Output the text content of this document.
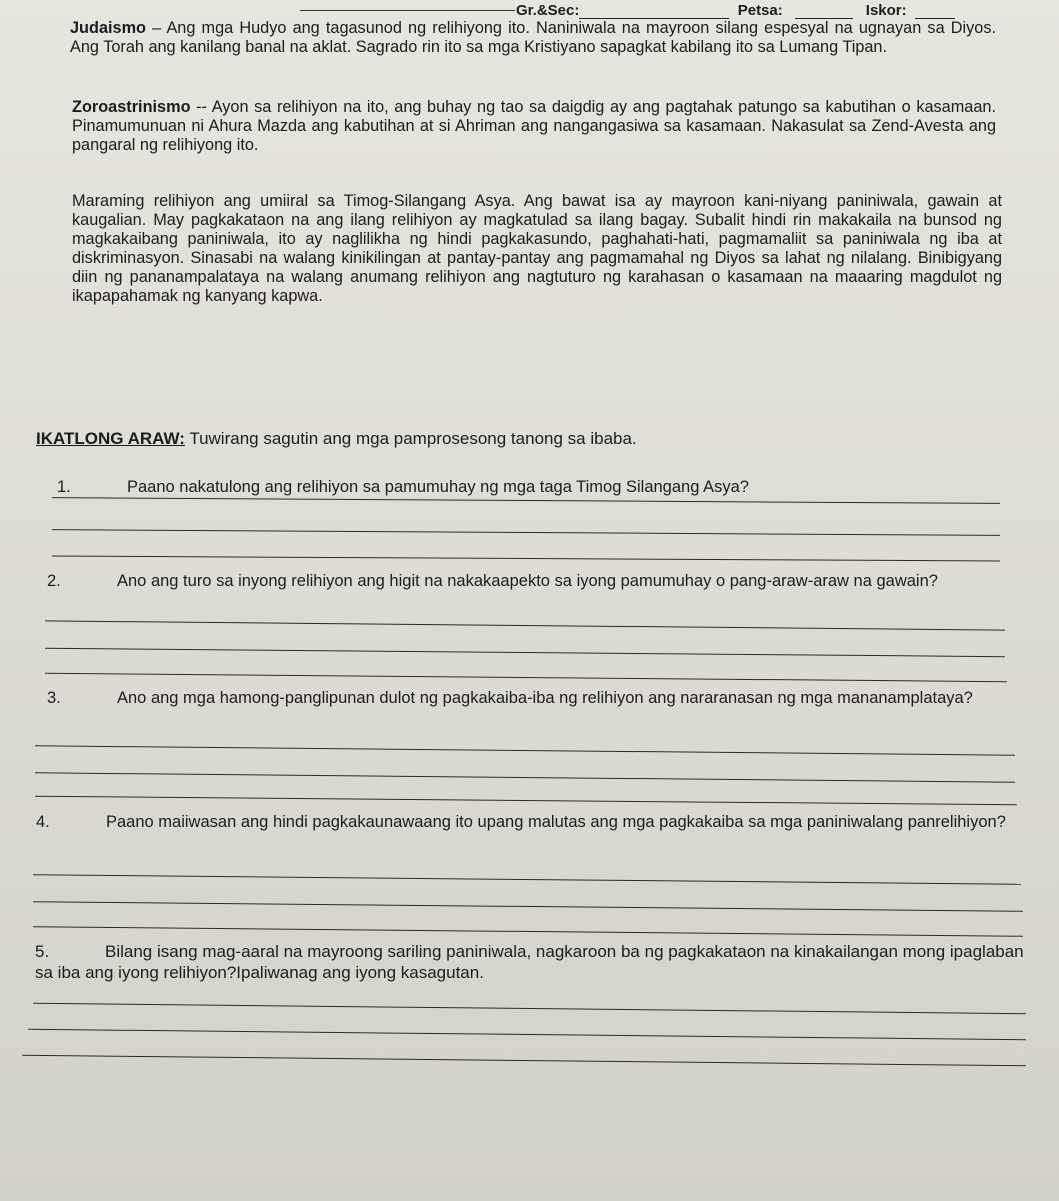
Gr.&Sec:	Petsa:	Iskor:
Judaismo – Ang mga Hudyo ang tagasunod ng relihiyong ito. Naniniwala na mayroon silang espesyal na ugnayan sa Diyos. Ang Torah ang kanilang banal na aklat. Sagrado rin ito sa mga Kristiyano sapagkat kabilang ito sa Lumang Tipan.
Zoroastrinismo -- Ayon sa relihiyon na ito, ang buhay ng tao sa daigdig ay ang pagtahak patungo sa kabutihan o kasamaan. Pinamumunuan ni Ahura Mazda ang kabutihan at si Ahriman ang nangangasiwa sa kasamaan. Nakasulat sa Zend-Avesta ang pangaral ng relihiyong ito.
Maraming relihiyon ang umiiral sa Timog-Silangang Asya. Ang bawat isa ay mayroon kani-niyang paniniwala, gawain at kaugalian. May pagkakataon na ang ilang relihiyon ay magkatulad sa ilang bagay. Subalit hindi rin makakaila na bunsod ng magkakaibang paniniwala, ito ay naglilikha ng hindi pagkakasundo, paghahati-hati, pagmamaliit sa paniniwala ng iba at diskriminasyon. Sinasabi na walang kinikilingan at pantay-pantay ang pagmamahal ng Diyos sa lahat ng nilalang. Binibigyang diin ng pananampalataya na walang anumang relihiyon ang nagtuturo ng karahasan o kasamaan na maaaring magdulot ng ikapapahamak ng kanyang kapwa.
IKATLONG ARAW: Tuwirang sagutin ang mga pamprosesong tanong sa ibaba.
1.	Paano nakatulong ang relihiyon sa pamumuhay ng mga taga Timog Silangang Asya?
2.	Ano ang turo sa inyong relihiyon ang higit na nakakaapekto sa iyong pamumuhay o pang-araw-araw na gawain?
3.	Ano ang mga hamong-panglipunan dulot ng pagkakaiba-iba ng relihiyon ang nararanasan ng mga mananamplataya?
4.	Paano maiiwasan ang hindi pagkakaunawaang ito upang malutas ang mga pagkakaiba sa mga paniniwalang panrelihiyon?
5.	Bilang isang mag-aaral na mayroong sariling paniniwala, nagkaroon ba ng pagkakataon na kinakailangan mong ipaglaban sa iba ang iyong relihiyon?Ipaliwanag ang iyong kasagutan.
